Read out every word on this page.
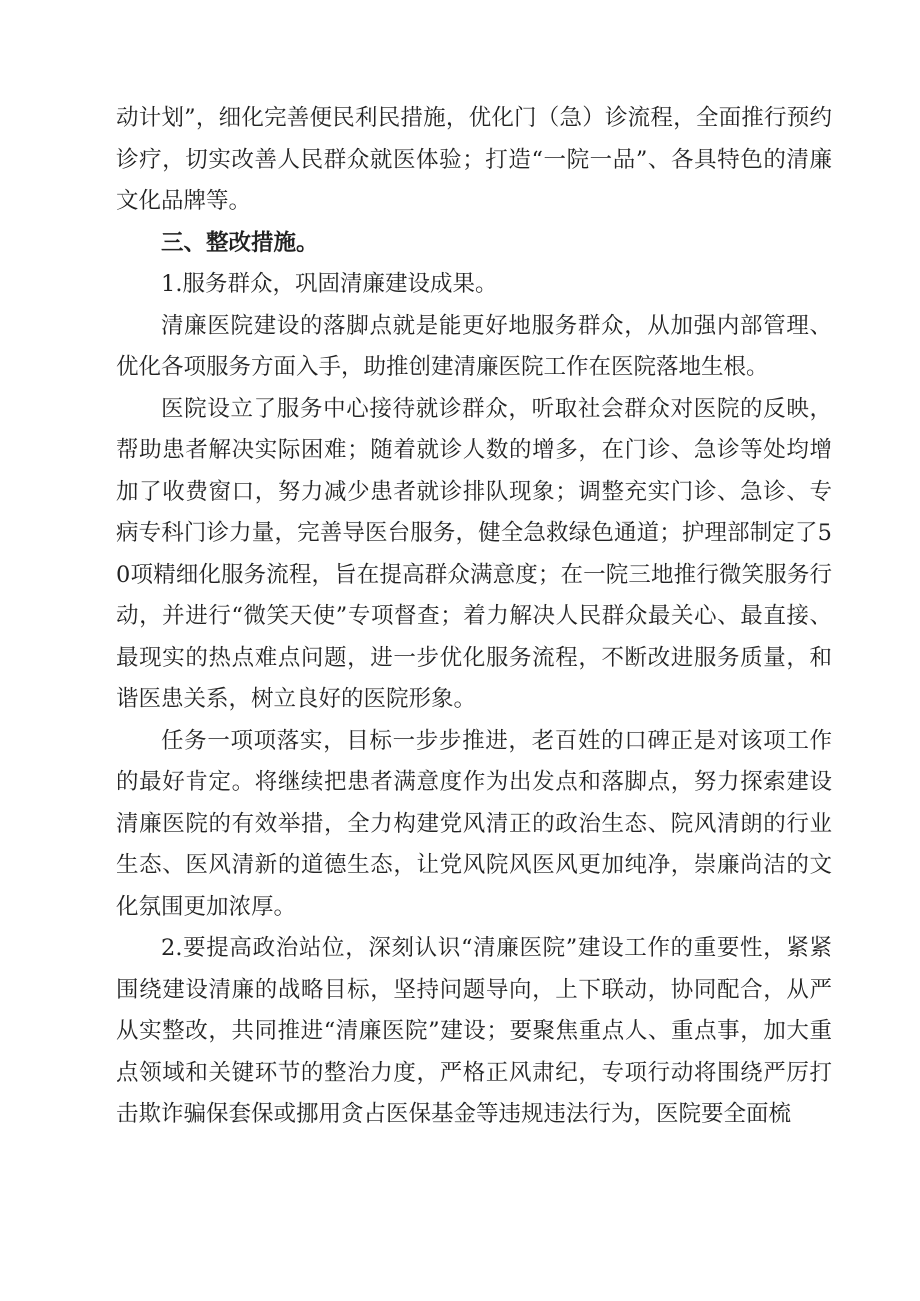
动计划”，细化完善便民利民措施，优化门（急）诊流程，全面推行预约诊疗，切实改善人民群众就医体验；打造“一院一品”、各具特色的清廉文化品牌等。

三、整改措施。

1.服务群众，巩固清廉建设成果。

清廉医院建设的落脚点就是能更好地服务群众，从加强内部管理、优化各项服务方面入手，助推创建清廉医院工作在医院落地生根。

医院设立了服务中心接待就诊群众，听取社会群众对医院的反映，帮助患者解决实际困难；随着就诊人数的增多，在门诊、急诊等处均增加了收费窗口，努力减少患者就诊排队现象；调整充实门诊、急诊、专病专科门诊力量，完善导医台服务，健全急救绿色通道；护理部制定了50项精细化服务流程，旨在提高群众满意度；在一院三地推行微笑服务行动，并进行“微笑天使”专项督查；着力解决人民群众最关心、最直接、最现实的热点难点问题，进一步优化服务流程，不断改进服务质量，和谐医患关系，树立良好的医院形象。

任务一项项落实，目标一步步推进，老百姓的口碑正是对该项工作的最好肯定。将继续把患者满意度作为出发点和落脚点，努力探索建设清廉医院的有效举措，全力构建党风清正的政治生态、院风清朗的行业生态、医风清新的道德生态，让党风院风医风更加纯净，崇廉尚洁的文化氛围更加浓厚。

2.要提高政治站位，深刻认识“清廉医院”建设工作的重要性，紧紧围绕建设清廉的战略目标，坚持问题导向，上下联动，协同配合，从严从实整改，共同推进“清廉医院”建设；要聚焦重点人、重点事，加大重点领域和关键环节的整治力度，严格正风肃纪，专项行动将围绕严厉打击欺诈骗保套保或挪用贪占医保基金等违规违法行为，医院要全面梳
